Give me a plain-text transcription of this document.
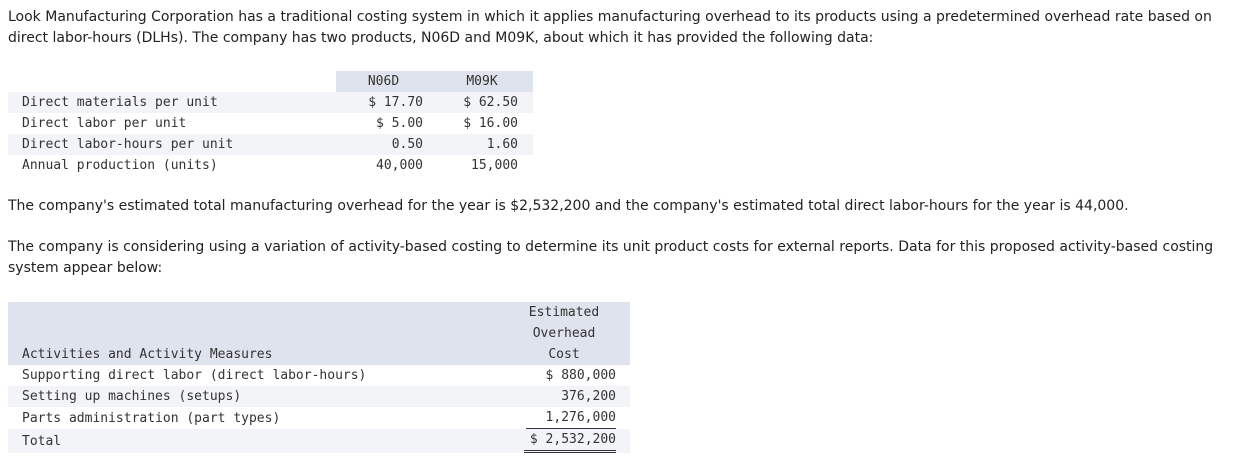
Look Manufacturing Corporation has a traditional costing system in which it applies manufacturing overhead to its products using a predetermined overhead rate based on direct labor-hours (DLHs). The company has two products, N06D and M09K, about which it has provided the following data:

	N06D	M09K
Direct materials per unit	$ 17.70	$ 62.50
Direct labor per unit	$ 5.00	$ 16.00
Direct labor-hours per unit	0.50	1.60
Annual production (units)	40,000	15,000

The company's estimated total manufacturing overhead for the year is $2,532,200 and the company's estimated total direct labor-hours for the year is 44,000.

The company is considering using a variation of activity-based costing to determine its unit product costs for external reports. Data for this proposed activity-based costing system appear below:

Activities and Activity Measures	Estimated
Overhead
Cost

Supporting direct labor (direct labor-hours)	$ 880,000
Setting up machines (setups)	376,200
Parts administration (part types)	1,276,000
Total	$ 2,532,200
